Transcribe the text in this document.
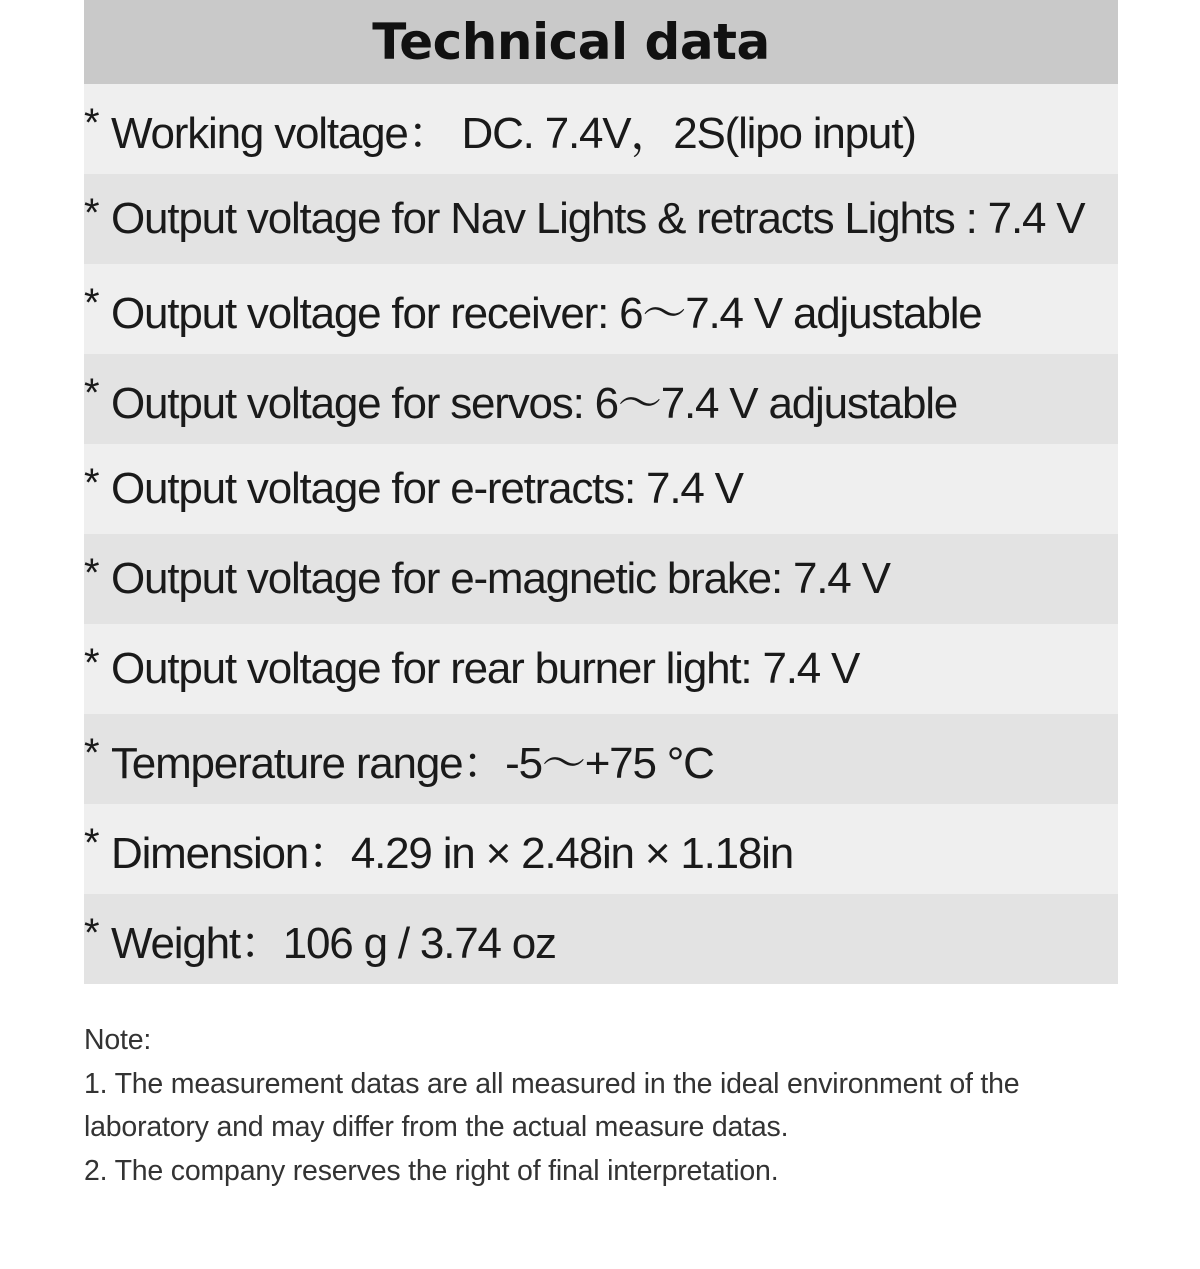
Technical data
* Working voltage： DC. 7.4V，2S(lipo input)
* Output voltage for Nav Lights & retracts Lights : 7.4 V
* Output voltage for receiver: 6～7.4 V adjustable
* Output voltage for servos: 6～7.4 V adjustable
* Output voltage for e-retracts: 7.4 V
* Output voltage for e-magnetic brake: 7.4 V
* Output voltage for rear burner light: 7.4 V
* Temperature range：-5～+75 °C
* Dimension：4.29 in × 2.48in × 1.18in
* Weight：106 g / 3.74 oz

Note:

1. The measurement datas are all measured in the ideal environment of the

laboratory and may differ from the actual measure datas.

2. The company reserves the right of final interpretation.
